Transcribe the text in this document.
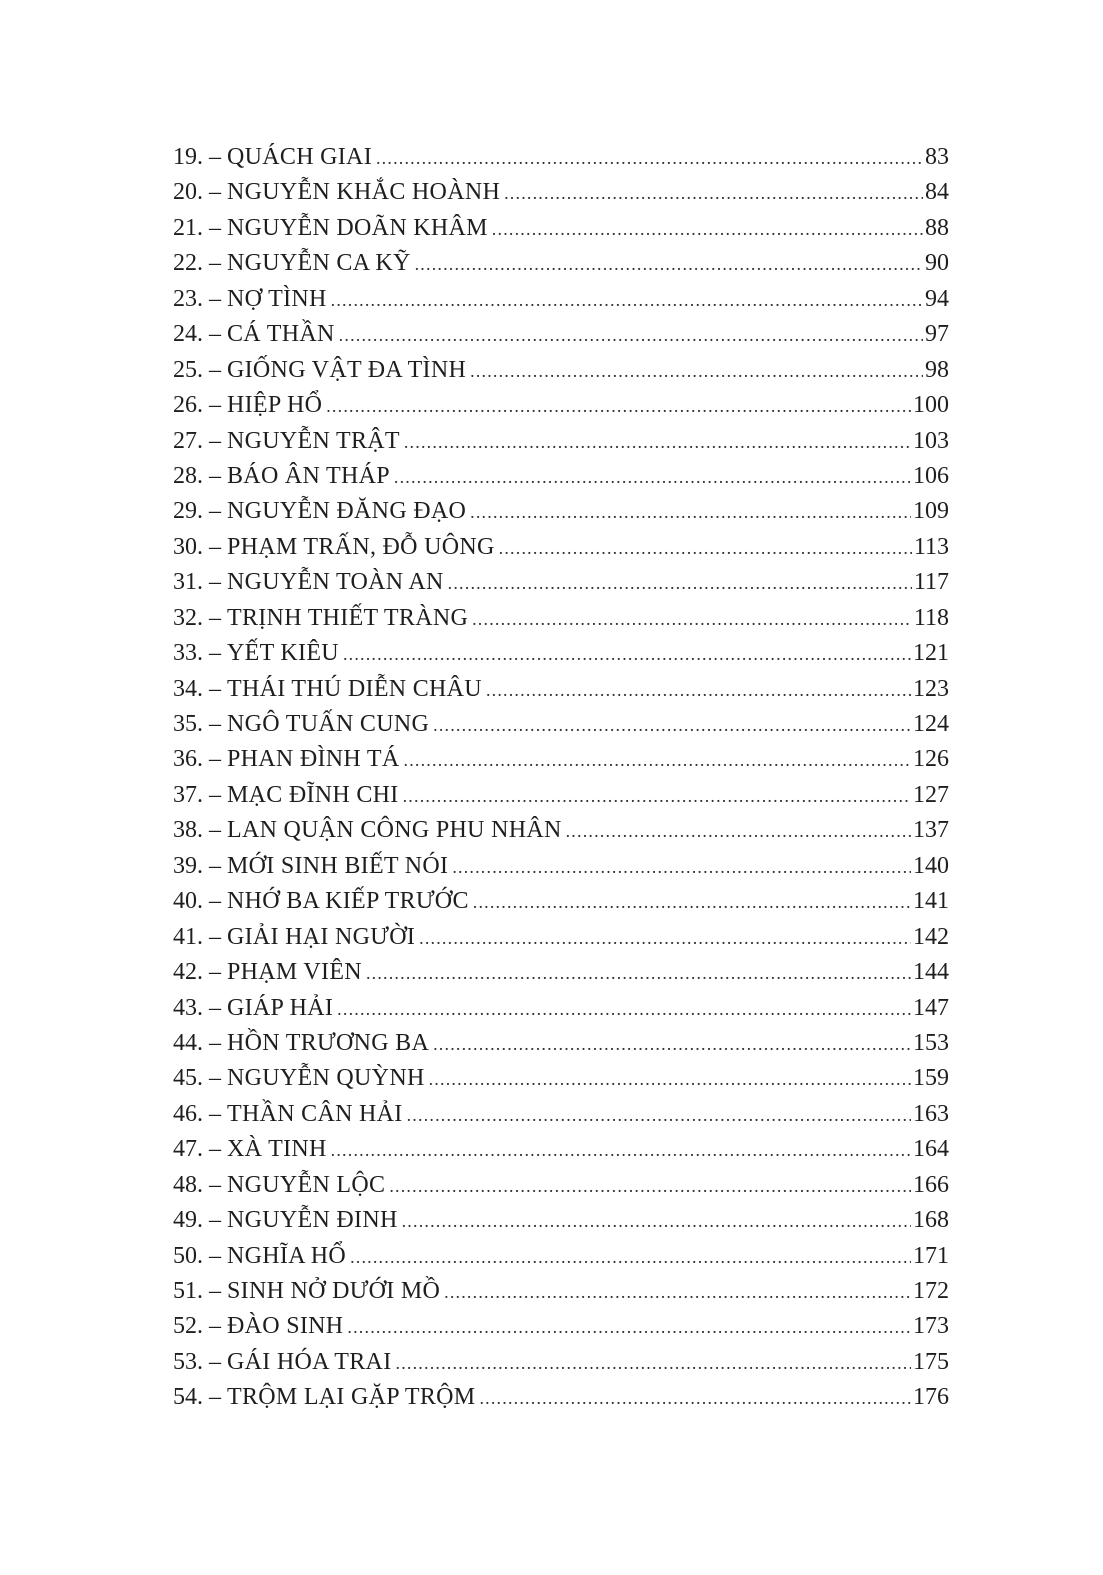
19. – QUÁCH GIAI .....	83
20. – NGUYỄN KHẮC HOÀNH .....	84
21. – NGUYỄN DOÃN KHÂM .....	88
22. – NGUYỄN CA KỸ .....	90
23. – NỢ TÌNH .....	94
24. – CÁ THẦN .....	97
25. – GIỐNG VẬT ĐA TÌNH .....	98
26. – HIỆP HỔ .....	100
27. – NGUYỄN TRẬT .....	103
28. – BÁO ÂN THÁP .....	106
29. – NGUYỄN ĐĂNG ĐẠO .....	109
30. – PHẠM TRẤN, ĐỖ UÔNG .....	113
31. – NGUYỄN TOÀN AN .....	117
32. – TRỊNH THIẾT TRÀNG .....	118
33. – YẾT KIÊU .....	121
34. – THÁI THÚ DIỄN CHÂU .....	123
35. – NGÔ TUẤN CUNG .....	124
36. – PHAN ĐÌNH TÁ .....	126
37. – MẠC ĐĨNH CHI .....	127
38. – LAN QUẬN CÔNG PHU NHÂN .....	137
39. – MỚI SINH BIẾT NÓI .....	140
40. – NHỚ BA KIẾP TRƯỚC .....	141
41. – GIẢI HẠI NGƯỜI .....	142
42. – PHẠM VIÊN .....	144
43. – GIÁP HẢI .....	147
44. – HỒN TRƯƠNG BA .....	153
45. – NGUYỄN QUỲNH .....	159
46. – THẦN CÂN HẢI .....	163
47. – XÀ TINH .....	164
48. – NGUYỄN LỘC .....	166
49. – NGUYỄN ĐINH .....	168
50. – NGHĨA HỔ .....	171
51. – SINH NỞ DƯỚI MỒ .....	172
52. – ĐÀO SINH .....	173
53. – GÁI HÓA TRAI .....	175
54. – TRỘM LẠI GẶP TRỘM .....	176
